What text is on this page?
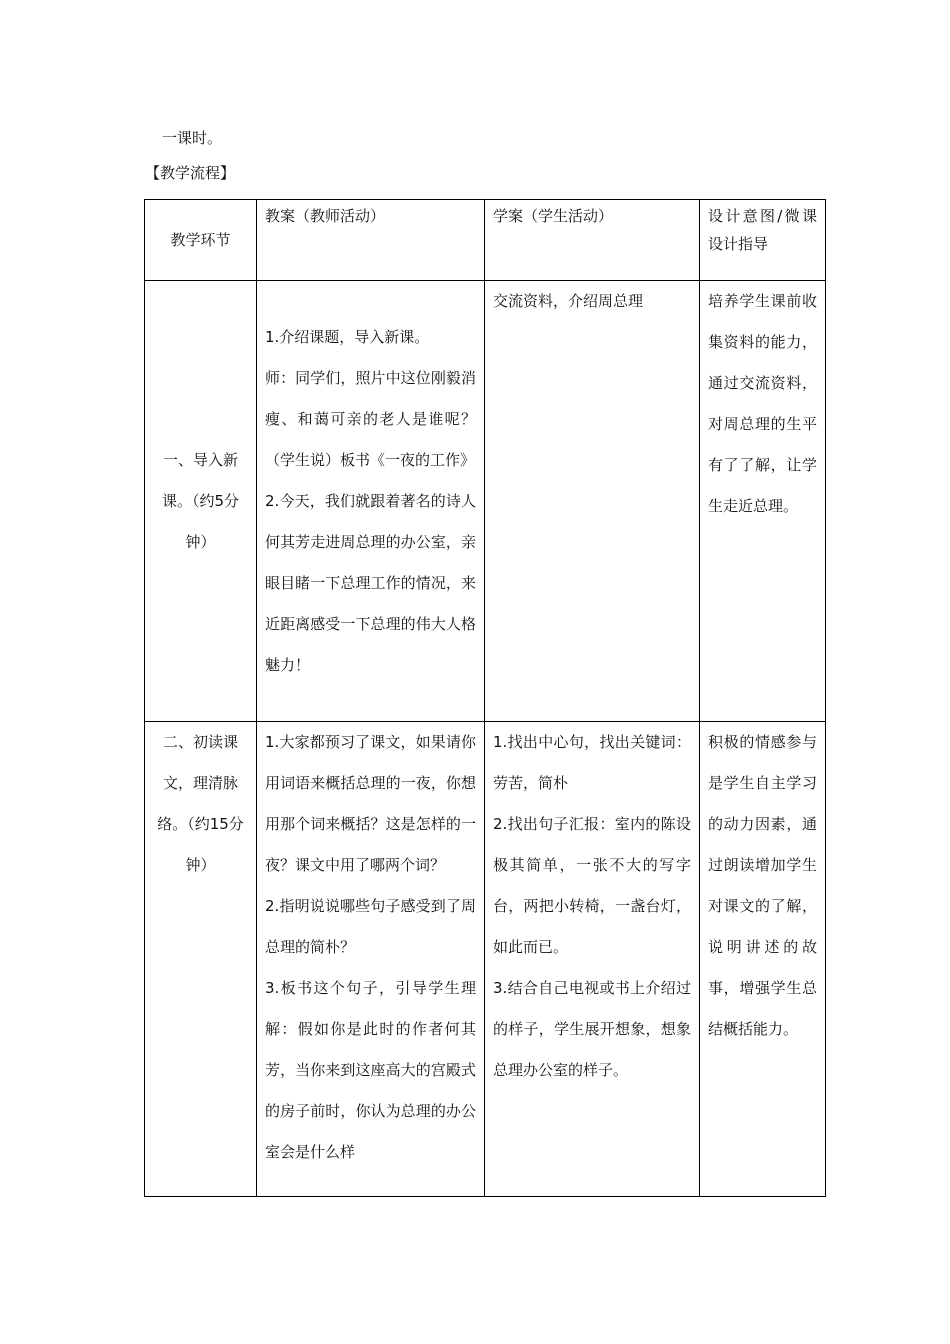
一课时。
【教学流程】
教学环节	教案（教师活动）	学案（学生活动）	设计意图/微课设计指导
一、导入新课。（约5分钟）	1.介绍课题，导入新课。
师：同学们，照片中这位刚毅消瘦、和蔼可亲的老人是谁呢？（学生说）板书《一夜的工作》
2.今天，我们就跟着著名的诗人何其芳走进周总理的办公室，亲眼目睹一下总理工作的情况，来近距离感受一下总理的伟大人格魅力！	交流资料，介绍周总理	培养学生课前收集资料的能力，通过交流资料，对周总理的生平有了了解，让学生走近总理。
二、初读课文，理清脉络。（约15分钟）	1.大家都预习了课文，如果请你用词语来概括总理的一夜，你想用那个词来概括？这是怎样的一夜？课文中用了哪两个词？
2.指明说说哪些句子感受到了周总理的简朴？
3.板书这个句子，引导学生理解：假如你是此时的作者何其芳，当你来到这座高大的宫殿式的房子前时，你认为总理的办公室会是什么样	1.找出中心句，找出关键词：劳苦，简朴
2.找出句子汇报：室内的陈设极其简单，一张不大的写字台，两把小转椅，一盏台灯，如此而已。
3.结合自己电视或书上介绍过的样子，学生展开想象，想象总理办公室的样子。	积极的情感参与是学生自主学习的动力因素，通过朗读增加学生对课文的了解，说明讲述的故事，增强学生总结概括能力。
